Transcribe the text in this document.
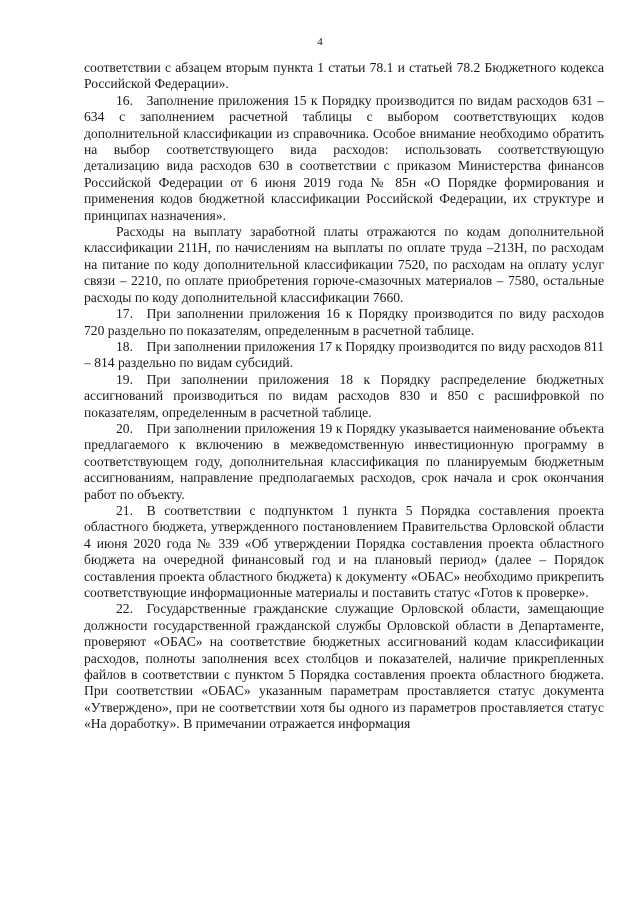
4

соответствии с абзацем вторым пункта 1 статьи 78.1 и статьей 78.2 Бюджетного кодекса Российской Федерации».

16. Заполнение приложения 15 к Порядку производится по видам расходов 631 – 634 с заполнением расчетной таблицы с выбором соответствующих кодов дополнительной классификации из справочника. Особое внимание необходимо обратить на выбор соответствующего вида расходов: использовать соответствующую детализацию вида расходов 630 в соответствии с приказом Министерства финансов Российской Федерации от 6 июня 2019 года № 85н «О Порядке формирования и применения кодов бюджетной классификации Российской Федерации, их структуре и принципах назначения».

Расходы на выплату заработной платы отражаются по кодам дополнительной классификации 211Н, по начислениям на выплаты по оплате труда –213Н, по расходам на питание по коду дополнительной классификации 7520, по расходам на оплату услуг связи – 2210, по оплате приобретения горюче-смазочных материалов – 7580, остальные расходы по коду дополнительной классификации 7660.

17. При заполнении приложения 16 к Порядку производится по виду расходов 720 раздельно по показателям, определенным в расчетной таблице.

18. При заполнении приложения 17 к Порядку производится по виду расходов 811 – 814 раздельно по видам субсидий.

19. При заполнении приложения 18 к Порядку распределение бюджетных ассигнований производиться по видам расходов 830 и 850 с расшифровкой по показателям, определенным в расчетной таблице.

20. При заполнении приложения 19 к Порядку указывается наименование объекта предлагаемого к включению в межведомственную инвестиционную программу в соответствующем году, дополнительная классификация по планируемым бюджетным ассигнованиям, направление предполагаемых расходов, срок начала и срок окончания работ по объекту.

21. В соответствии с подпунктом 1 пункта 5 Порядка составления проекта областного бюджета, утвержденного постановлением Правительства Орловской области 4 июня 2020 года № 339 «Об утверждении Порядка составления проекта областного бюджета на очередной финансовый год и на плановый период» (далее – Порядок составления проекта областного бюджета) к документу «ОБАС» необходимо прикрепить соответствующие информационные материалы и поставить статус «Готов к проверке».

22. Государственные гражданские служащие Орловской области, замещающие должности государственной гражданской службы Орловской области в Департаменте, проверяют «ОБАС» на соответствие бюджетных ассигнований кодам классификации расходов, полноты заполнения всех столбцов и показателей, наличие прикрепленных файлов в соответствии с пунктом 5 Порядка составления проекта областного бюджета. При соответствии «ОБАС» указанным параметрам проставляется статус документа «Утверждено», при не соответствии хотя бы одного из параметров проставляется статус «На доработку». В примечании отражается информация
